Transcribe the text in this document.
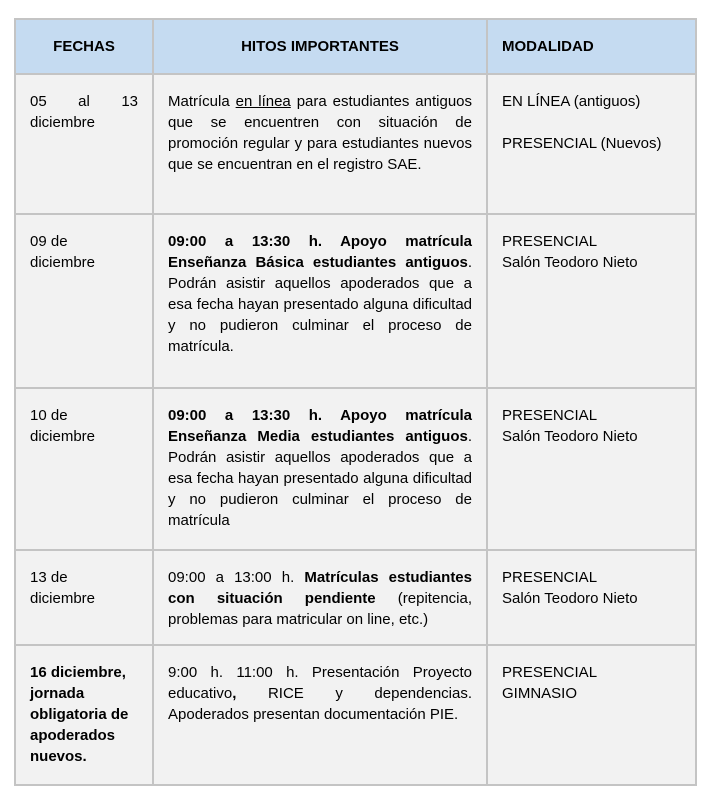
FECHAS	HITOS IMPORTANTES	MODALIDAD
05 al 13
diciembre
Matrícula en línea para estudiantes antiguos que se encuentren con situación de promoción regular y para estudiantes nuevos que se encuentran en el registro SAE.
EN LÍNEA (antiguos)
PRESENCIAL (Nuevos)
09 de
diciembre
09:00 a 13:30 h. Apoyo matrícula Enseñanza Básica estudiantes antiguos. Podrán asistir aquellos apoderados que a esa fecha hayan presentado alguna dificultad y no pudieron culminar el proceso de matrícula.
PRESENCIAL
Salón Teodoro Nieto
10 de
diciembre
09:00 a 13:30 h. Apoyo matrícula Enseñanza Media estudiantes antiguos. Podrán asistir aquellos apoderados que a esa fecha hayan presentado alguna dificultad y no pudieron culminar el proceso de matrícula
PRESENCIAL
Salón Teodoro Nieto
13 de
diciembre
09:00 a 13:00 h. Matrículas estudiantes con situación pendiente (repitencia, problemas para matricular on line, etc.)
PRESENCIAL
Salón Teodoro Nieto
16 diciembre, jornada obligatoria de apoderados nuevos.
9:00 h. 11:00 h. Presentación Proyecto educativo, RICE y dependencias. Apoderados presentan documentación PIE.
PRESENCIAL
GIMNASIO
